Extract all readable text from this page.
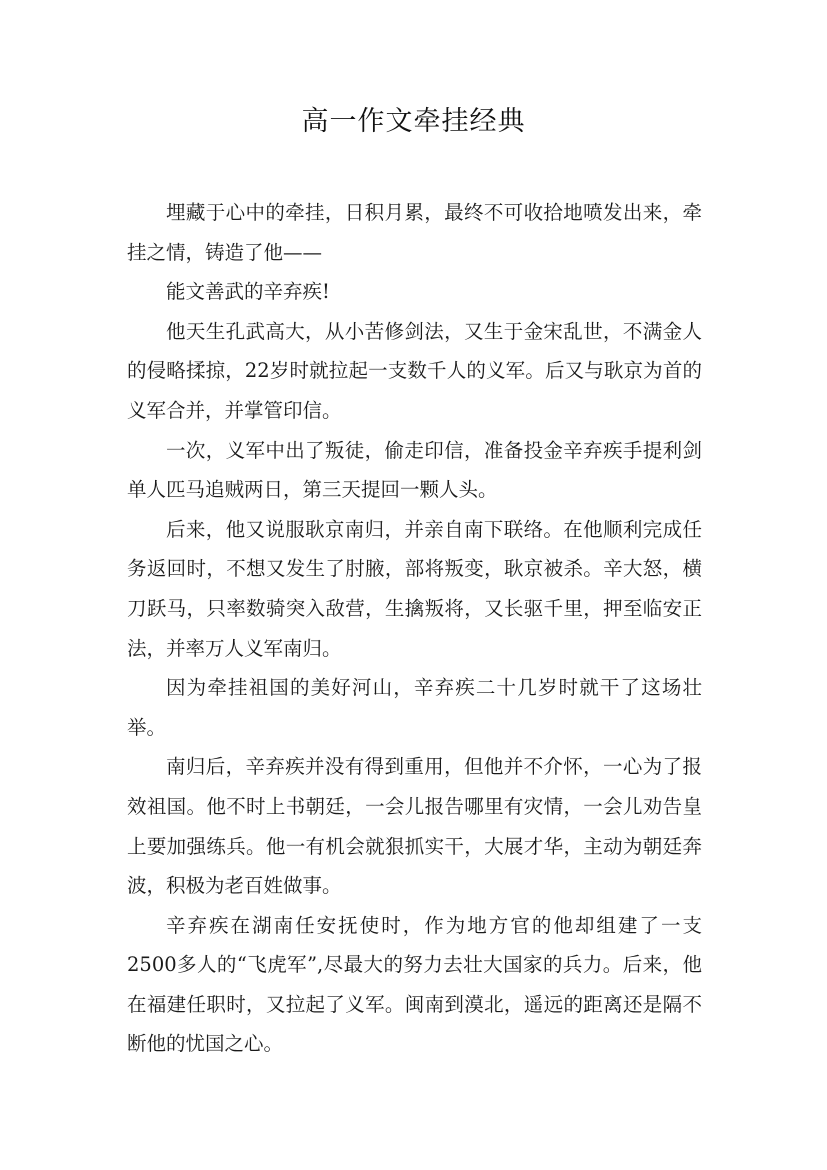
高一作文牵挂经典

埋藏于心中的牵挂，日积月累，最终不可收拾地喷发出来，牵挂之情，铸造了他——

能文善武的辛弃疾!

他天生孔武高大，从小苦修剑法，又生于金宋乱世，不满金人的侵略揉掠，22岁时就拉起一支数千人的义军。后又与耿京为首的义军合并，并掌管印信。

一次，义军中出了叛徒，偷走印信，准备投金辛弃疾手提利剑单人匹马追贼两日，第三天提回一颗人头。

后来，他又说服耿京南归，并亲自南下联络。在他顺利完成任务返回时，不想又发生了肘腋，部将叛变，耿京被杀。辛大怒，横刀跃马，只率数骑突入敌营，生擒叛将，又长驱千里，押至临安正法，并率万人义军南归。

因为牵挂祖国的美好河山，辛弃疾二十几岁时就干了这场壮举。

南归后，辛弃疾并没有得到重用，但他并不介怀，一心为了报效祖国。他不时上书朝廷，一会儿报告哪里有灾情，一会儿劝告皇上要加强练兵。他一有机会就狠抓实干，大展才华，主动为朝廷奔波，积极为老百姓做事。

辛弃疾在湖南任安抚使时，作为地方官的他却组建了一支2500多人的“飞虎军”,尽最大的努力去壮大国家的兵力。后来，他在福建任职时，又拉起了义军。闽南到漠北，遥远的距离还是隔不断他的忧国之心。
